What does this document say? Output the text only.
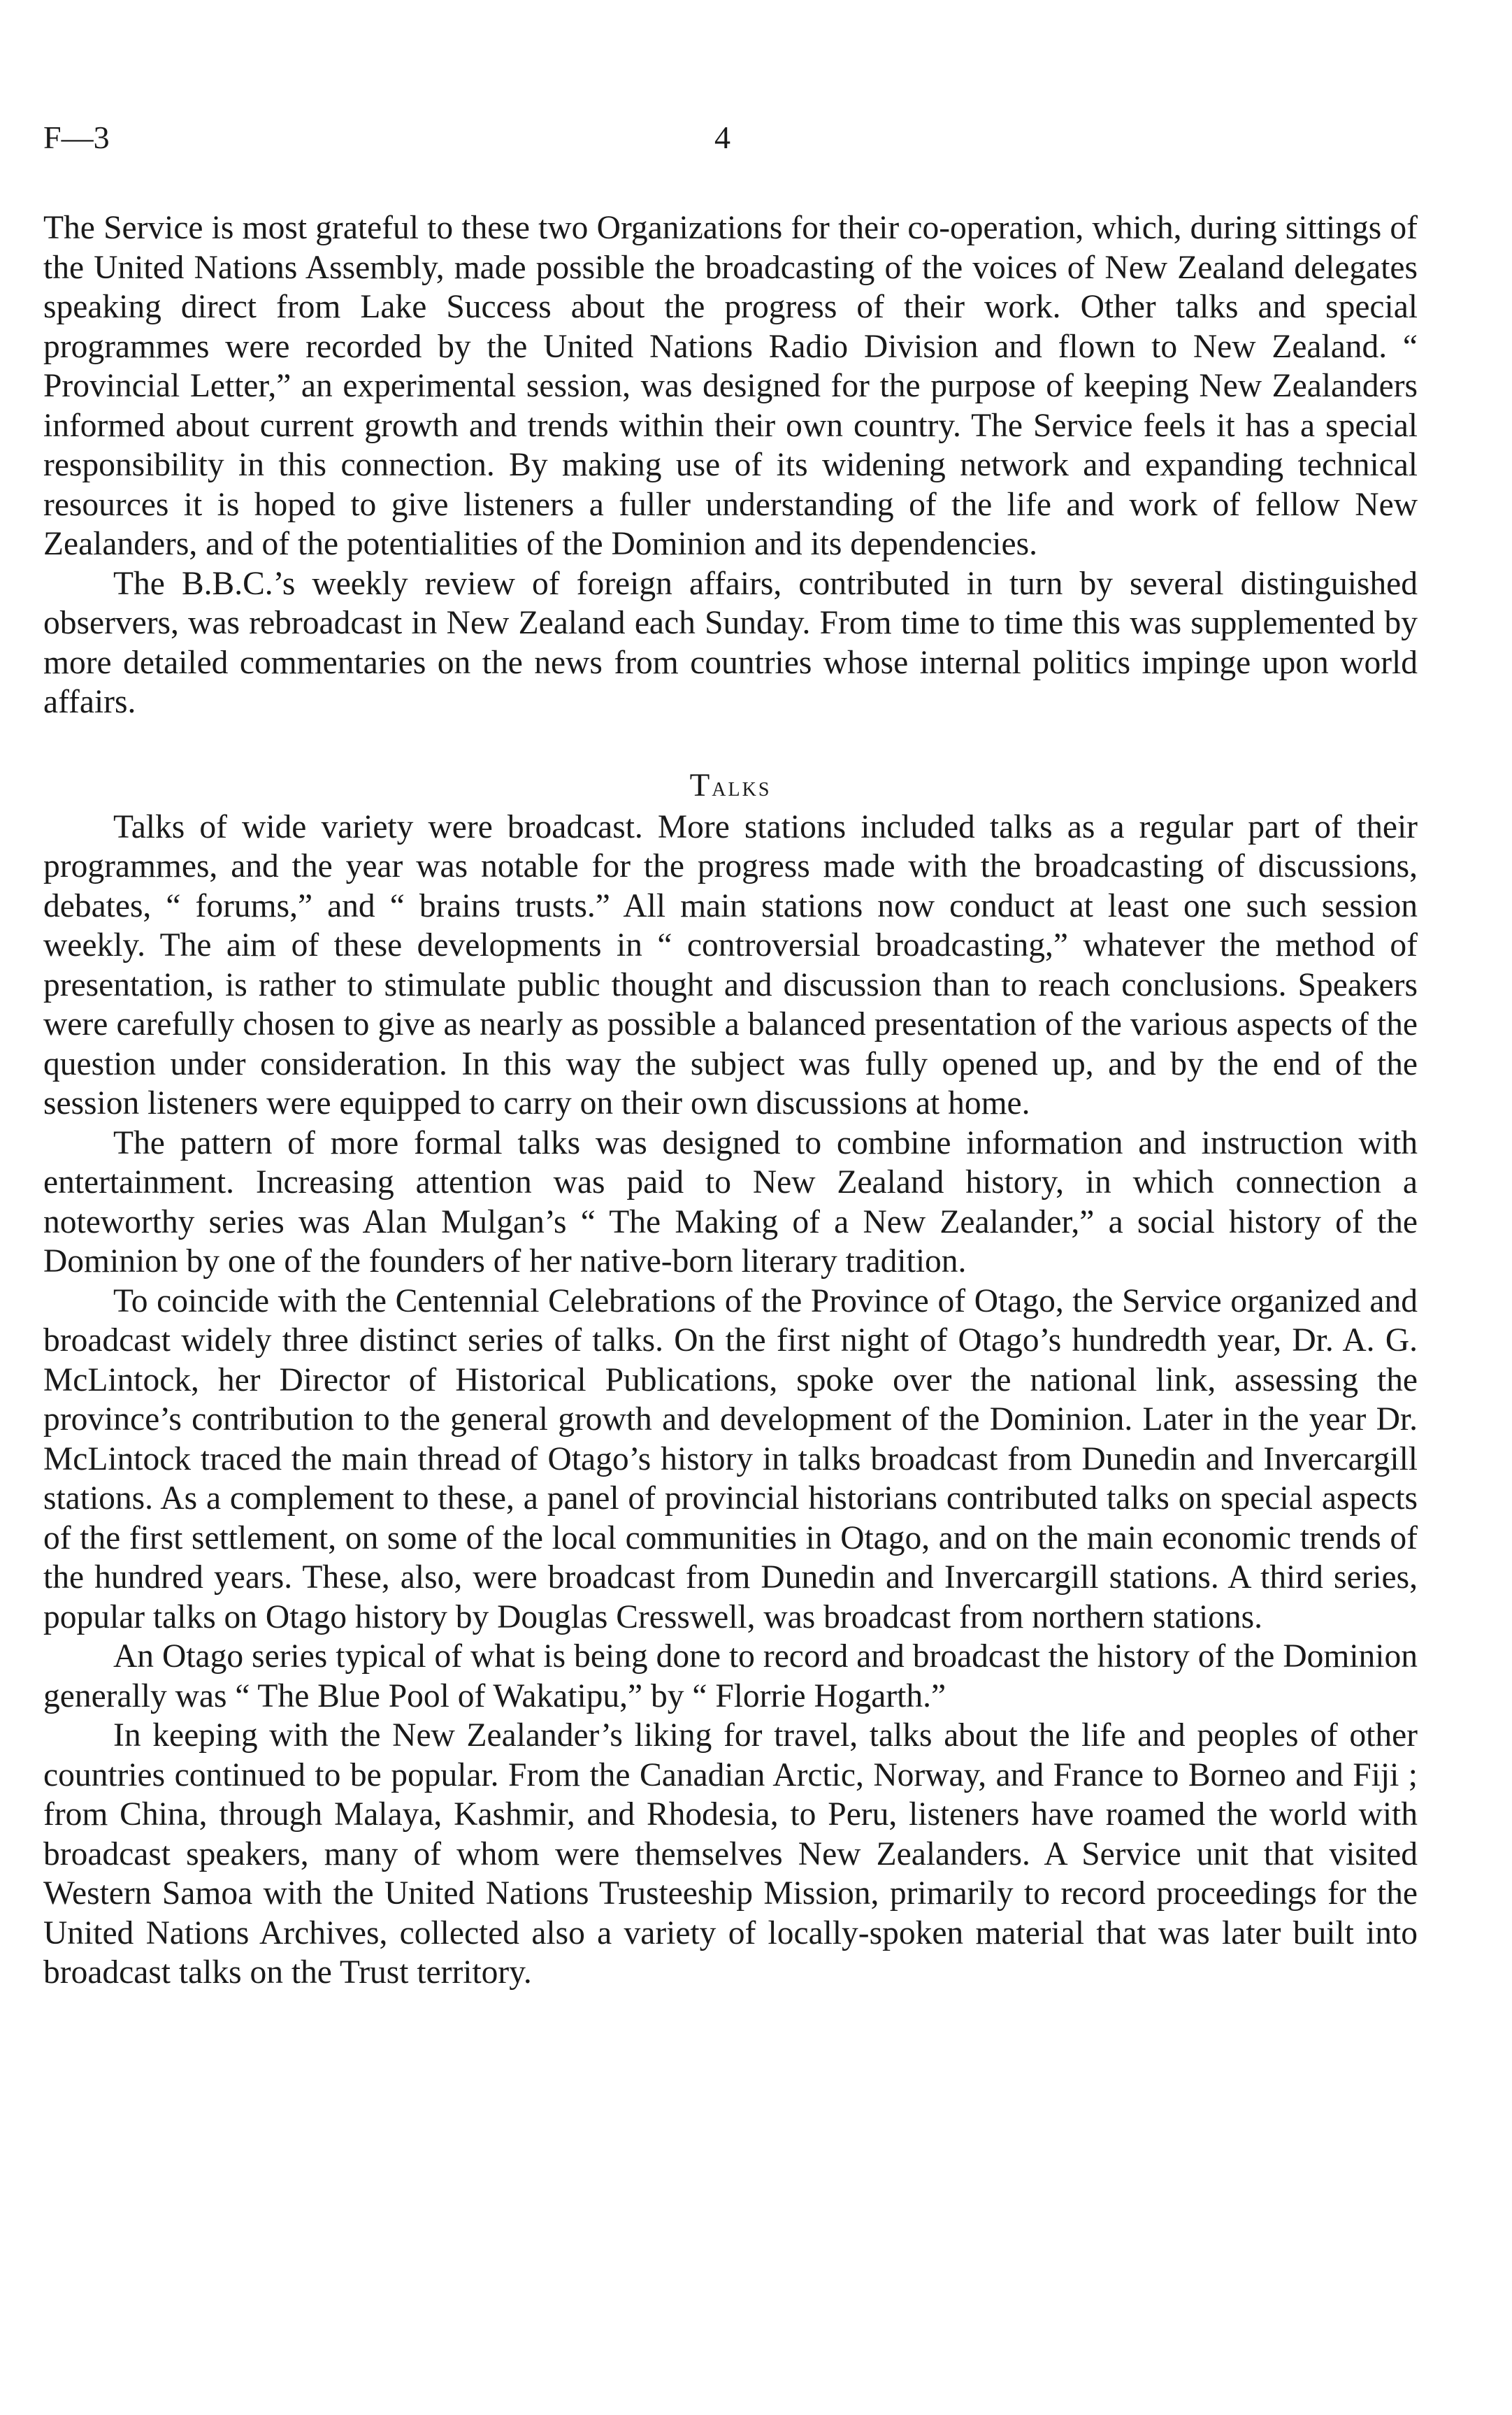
F—3	4

The Service is most grateful to these two Organizations for their co-operation, which, during sittings of the United Nations Assembly, made possible the broadcasting of the voices of New Zealand delegates speaking direct from Lake Success about the progress of their work. Other talks and special programmes were recorded by the United Nations Radio Division and flown to New Zealand. “ Provincial Letter,” an experimental session, was designed for the purpose of keeping New Zealanders informed about current growth and trends within their own country. The Service feels it has a special responsibility in this connection. By making use of its widening network and expanding technical resources it is hoped to give listeners a fuller understanding of the life and work of fellow New Zealanders, and of the potentialities of the Dominion and its dependencies.

The B.B.C.’s weekly review of foreign affairs, contributed in turn by several distinguished observers, was rebroadcast in New Zealand each Sunday. From time to time this was supplemented by more detailed commentaries on the news from countries whose internal politics impinge upon world affairs.

Talks

Talks of wide variety were broadcast. More stations included talks as a regular part of their programmes, and the year was notable for the progress made with the broadcasting of discussions, debates, “ forums,” and “ brains trusts.” All main stations now conduct at least one such session weekly. The aim of these developments in “ controversial broadcasting,” whatever the method of presentation, is rather to stimulate public thought and discussion than to reach conclusions. Speakers were carefully chosen to give as nearly as possible a balanced presentation of the various aspects of the question under consideration. In this way the subject was fully opened up, and by the end of the session listeners were equipped to carry on their own discussions at home.

The pattern of more formal talks was designed to combine information and instruction with entertainment. Increasing attention was paid to New Zealand history, in which connection a noteworthy series was Alan Mulgan’s “ The Making of a New Zealander,” a social history of the Dominion by one of the founders of her native-born literary tradition.

To coincide with the Centennial Celebrations of the Province of Otago, the Service organized and broadcast widely three distinct series of talks. On the first night of Otago’s hundredth year, Dr. A. G. McLintock, her Director of Historical Publications, spoke over the national link, assessing the province’s contribution to the general growth and development of the Dominion. Later in the year Dr. McLintock traced the main thread of Otago’s history in talks broadcast from Dunedin and Invercargill stations. As a complement to these, a panel of provincial historians contributed talks on special aspects of the first settlement, on some of the local communities in Otago, and on the main economic trends of the hundred years. These, also, were broadcast from Dunedin and Invercargill stations. A third series, popular talks on Otago history by Douglas Cresswell, was broadcast from northern stations.

An Otago series typical of what is being done to record and broadcast the history of the Dominion generally was “ The Blue Pool of Wakatipu,” by “ Florrie Hogarth.”

In keeping with the New Zealander’s liking for travel, talks about the life and peoples of other countries continued to be popular. From the Canadian Arctic, Norway, and France to Borneo and Fiji ; from China, through Malaya, Kashmir, and Rhodesia, to Peru, listeners have roamed the world with broadcast speakers, many of whom were themselves New Zealanders. A Service unit that visited Western Samoa with the United Nations Trusteeship Mission, primarily to record proceedings for the United Nations Archives, collected also a variety of locally-spoken material that was later built into broadcast talks on the Trust territory.
